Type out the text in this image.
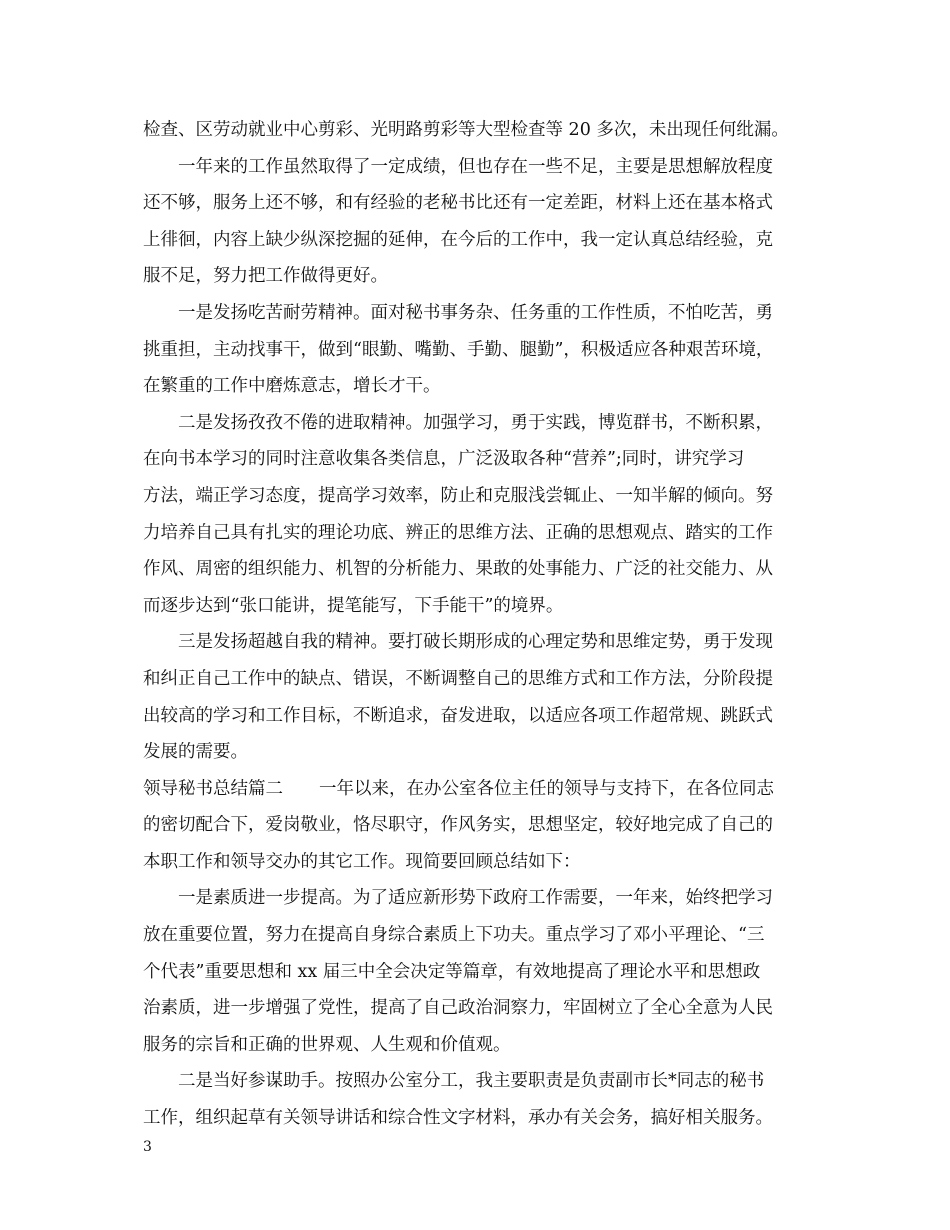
检查、区劳动就业中心剪彩、光明路剪彩等大型检查等 20 多次，未出现任何纰漏。
一年来的工作虽然取得了一定成绩，但也存在一些不足，主要是思想解放程度
还不够，服务上还不够，和有经验的老秘书比还有一定差距，材料上还在基本格式
上徘徊，内容上缺少纵深挖掘的延伸，在今后的工作中，我一定认真总结经验，克
服不足，努力把工作做得更好。
一是发扬吃苦耐劳精神。面对秘书事务杂、任务重的工作性质，不怕吃苦，勇
挑重担，主动找事干，做到“眼勤、嘴勤、手勤、腿勤”，积极适应各种艰苦环境，
在繁重的工作中磨炼意志，增长才干。
二是发扬孜孜不倦的进取精神。加强学习，勇于实践，博览群书，不断积累，
在向书本学习的同时注意收集各类信息，广泛汲取各种“营养”;同时，讲究学习
方法，端正学习态度，提高学习效率，防止和克服浅尝辄止、一知半解的倾向。努
力培养自己具有扎实的理论功底、辨正的思维方法、正确的思想观点、踏实的工作
作风、周密的组织能力、机智的分析能力、果敢的处事能力、广泛的社交能力、从
而逐步达到“张口能讲，提笔能写，下手能干”的境界。
三是发扬超越自我的精神。要打破长期形成的心理定势和思维定势，勇于发现
和纠正自己工作中的缺点、错误，不断调整自己的思维方式和工作方法，分阶段提
出较高的学习和工作目标，不断追求，奋发进取，以适应各项工作超常规、跳跃式
发展的需要。
领导秘书总结篇二 一年以来，在办公室各位主任的领导与支持下，在各位同志
的密切配合下，爱岗敬业，恪尽职守，作风务实，思想坚定，较好地完成了自己的
本职工作和领导交办的其它工作。现简要回顾总结如下：
一是素质进一步提高。为了适应新形势下政府工作需要，一年来，始终把学习
放在重要位置，努力在提高自身综合素质上下功夫。重点学习了邓小平理论、“三
个代表”重要思想和 xx 届三中全会决定等篇章，有效地提高了理论水平和思想政
治素质，进一步增强了党性，提高了自己政治洞察力，牢固树立了全心全意为人民
服务的宗旨和正确的世界观、人生观和价值观。
二是当好参谋助手。按照办公室分工，我主要职责是负责副市长*同志的秘书
工作，组织起草有关领导讲话和综合性文字材料，承办有关会务，搞好相关服务。
3
